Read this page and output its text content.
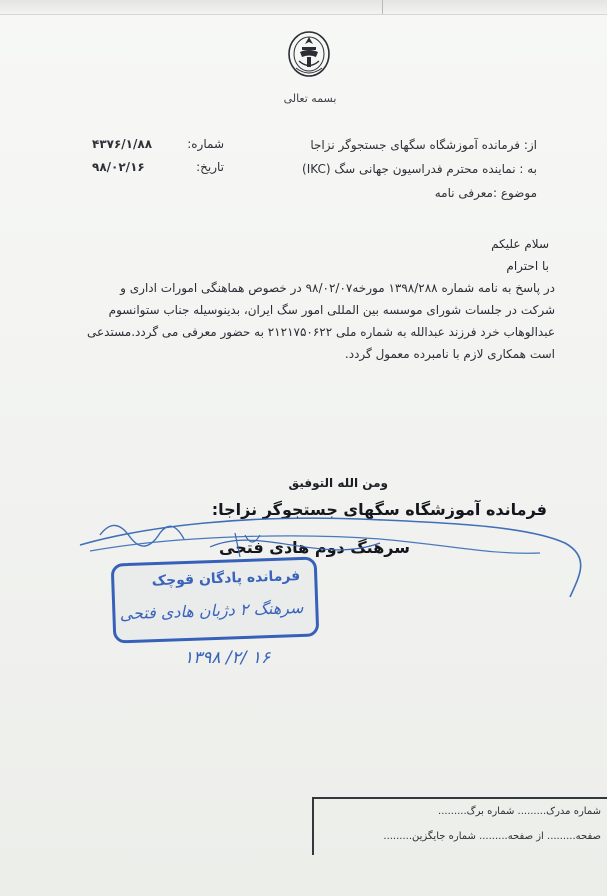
بسمه تعالی
از: فرمانده آموزشگاه سگهای جستجوگر نزاجا
به : نماینده محترم فدراسیون جهانی سگ (IKC)
موضوع :معرفی نامه
شماره:
۴۳۷۶/۱/۸۸
تاریخ:
۹۸/۰۲/۱۶

سلام علیکم

با احترام

در پاسخ به نامه شماره ۱۳۹۸/۲۸۸ مورخه۹۸/۰۲/۰۷ در خصوص هماهنگی امورات اداری و

شرکت در جلسات شورای موسسه بین المللی امور سگ ایران، بدینوسیله جناب ستوانسوم

عبدالوهاب خرد فرزند عبدالله به شماره ملی ۲۱۲۱۷۵۰۶۲۲ به حضور معرفی می گردد.مستدعی

است همکاری لازم با نامبرده معمول گردد.

ومن الله التوفیق
فرمانده آموزشگاه سگهای جستجوگر نزاجا:
سرهنگ دوم هادی فتحی
فرمانده پادگان قوچک
سرهنگ ۲ دژبان هادی فتحی
۱۳۹۸ /۲/ ۱۶
شماره مدرک......... شماره برگ.........
صفحه......... از صفحه......... شماره جایگزین.........
